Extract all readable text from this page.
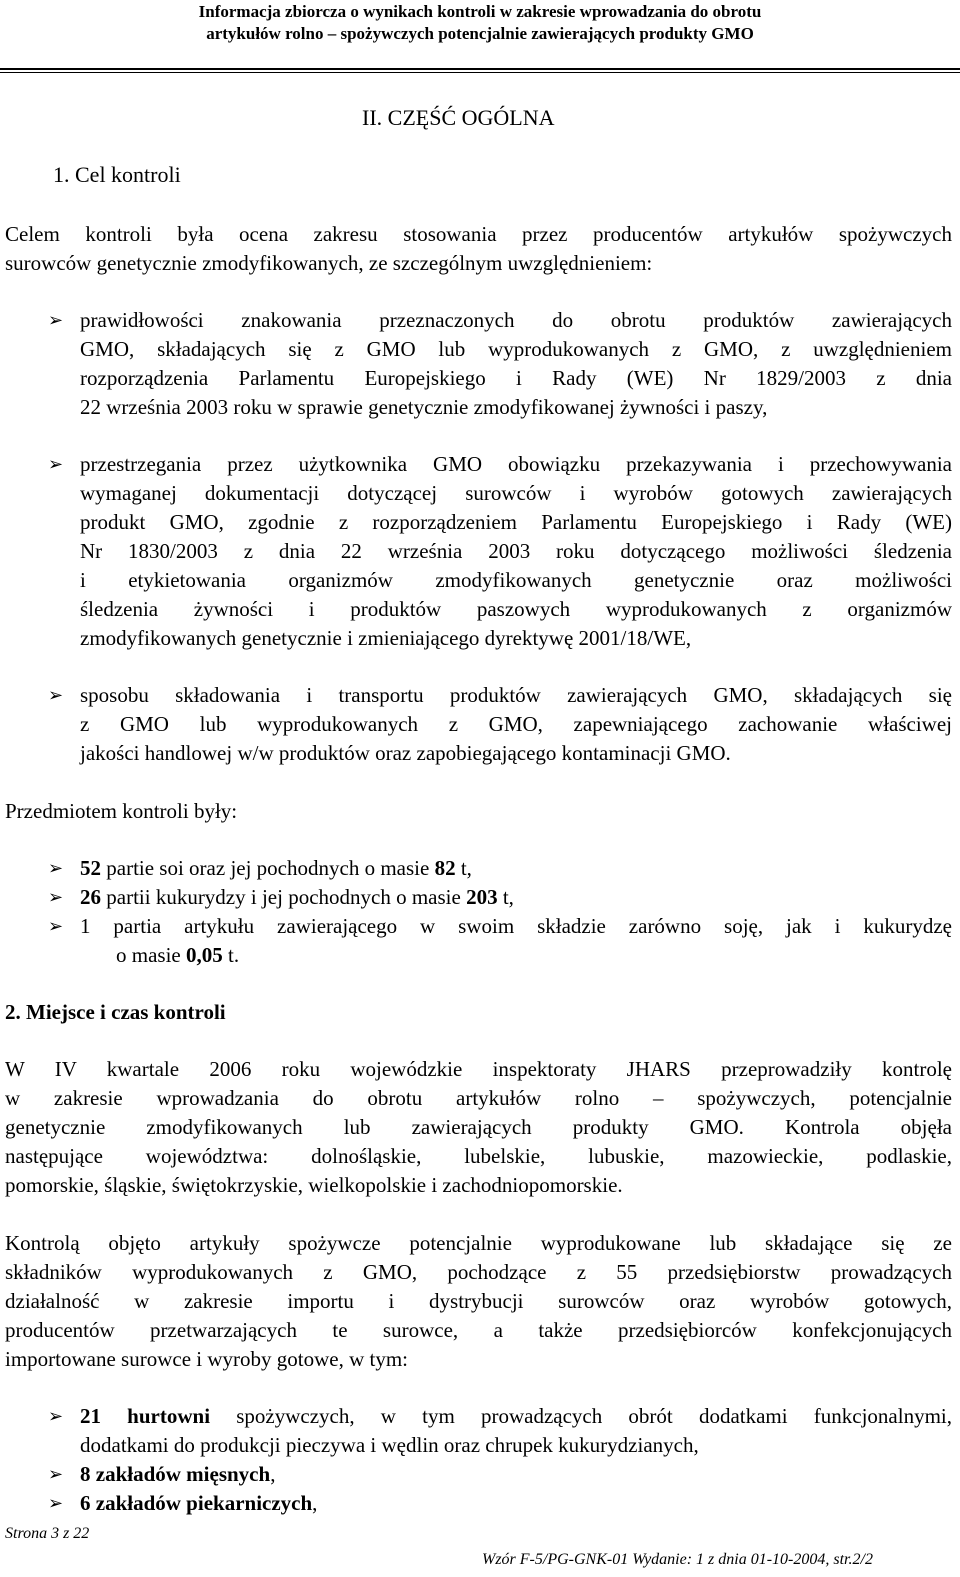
Informacja zbiorcza o wynikach kontroli w zakresie wprowadzania do obrotu
artykułów rolno – spożywczych potencjalnie zawierających produkty GMO
II. CZĘŚĆ OGÓLNA
1. Cel kontroli
Celem kontroli była ocena zakresu stosowania przez producentów artykułów spożywczych
surowców genetycznie zmodyfikowanych, ze szczególnym uwzględnieniem:
➢ prawidłowości znakowania przeznaczonych do obrotu produktów zawierających
GMO, składających się z GMO lub wyprodukowanych z GMO, z uwzględnieniem
rozporządzenia Parlamentu Europejskiego i Rady (WE) Nr 1829/2003 z dnia
22 września 2003 roku w sprawie genetycznie zmodyfikowanej żywności i paszy,
➢ przestrzegania przez użytkownika GMO obowiązku przekazywania i przechowywania
wymaganej dokumentacji dotyczącej surowców i wyrobów gotowych zawierających
produkt GMO, zgodnie z rozporządzeniem Parlamentu Europejskiego i Rady (WE)
Nr 1830/2003 z dnia 22 września 2003 roku dotyczącego możliwości śledzenia
i etykietowania organizmów zmodyfikowanych genetycznie oraz możliwości
śledzenia żywności i produktów paszowych wyprodukowanych z organizmów
zmodyfikowanych genetycznie i zmieniającego dyrektywę 2001/18/WE,
➢ sposobu składowania i transportu produktów zawierających GMO, składających się
z GMO lub wyprodukowanych z GMO, zapewniającego zachowanie właściwej
jakości handlowej w/w produktów oraz zapobiegającego kontaminacji GMO.
Przedmiotem kontroli były:
➢ 52 partie soi oraz jej pochodnych o masie 82 t,
➢ 26 partii kukurydzy i jej pochodnych o masie 203 t,
➢ 1 partia artykułu zawierającego w swoim składzie zarówno soję, jak i kukurydzę
o masie 0,05 t.
2. Miejsce i czas kontroli
W IV kwartale 2006 roku wojewódzkie inspektoraty JHARS przeprowadziły kontrolę
w zakresie wprowadzania do obrotu artykułów rolno – spożywczych, potencjalnie
genetycznie zmodyfikowanych lub zawierających produkty GMO. Kontrola objęła
następujące województwa: dolnośląskie, lubelskie, lubuskie, mazowieckie, podlaskie,
pomorskie, śląskie, świętokrzyskie, wielkopolskie i zachodniopomorskie.
Kontrolą objęto artykuły spożywcze potencjalnie wyprodukowane lub składające się ze
składników wyprodukowanych z GMO, pochodzące z 55 przedsiębiorstw prowadzących
działalność w zakresie importu i dystrybucji surowców oraz wyrobów gotowych,
producentów przetwarzających te surowce, a także przedsiębiorców konfekcjonujących
importowane surowce i wyroby gotowe, w tym:
➢ 21 hurtowni spożywczych, w tym prowadzących obrót dodatkami funkcjonalnymi,
dodatkami do produkcji pieczywa i wędlin oraz chrupek kukurydzianych,
➢ 8 zakładów mięsnych,
➢ 6 zakładów piekarniczych,
Strona 3 z 22
Wzór F-5/PG-GNK-01 Wydanie: 1 z dnia 01-10-2004, str.2/2
